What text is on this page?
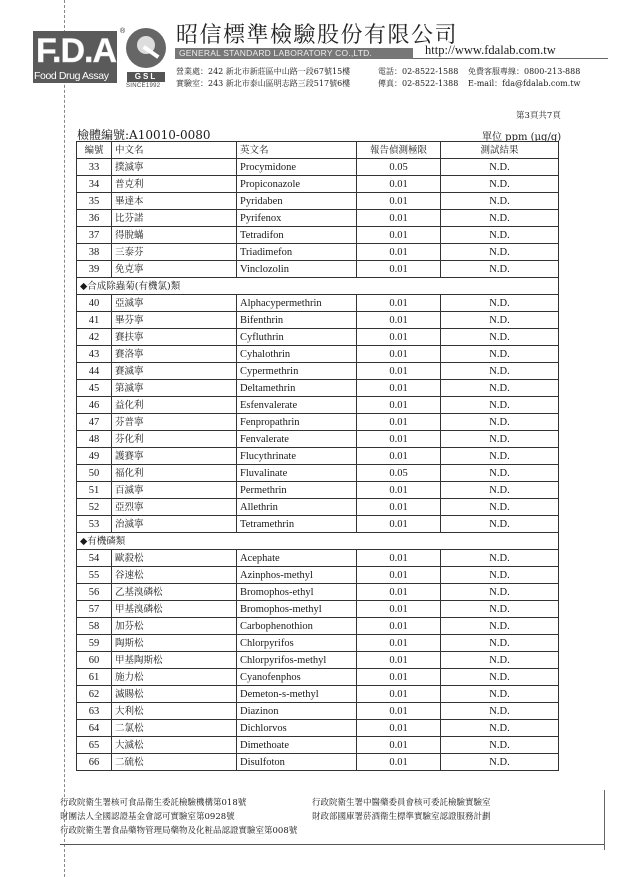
F.D.A
Food Drug Assay
®
GSL
SINCE1992
昭信標準檢驗股份有限公司
GENERAL STANDARD LABORATORY CO.,LTD.	http://www.fdalab.com.tw
營業處：242 新北市新莊區中山路一段67號15樓
實驗室：243 新北市泰山區明志路三段517號6樓
電話：02-8522-1588
傳真：02-8522-1388
免費客服專線：0800-213-888
E-mail：fda@fdalab.com.tw
第3頁共7頁
檢體編號:A10010-0080	單位 ppm (μg/g)
編號	中文名	英文名	報告偵測極限	測試結果
33	撲滅寧	Procymidone	0.05	N.D.
34	普克利	Propiconazole	0.01	N.D.
35	畢達本	Pyridaben	0.01	N.D.
36	比芬諾	Pyrifenox	0.01	N.D.
37	得脫蟎	Tetradifon	0.01	N.D.
38	三泰芬	Triadimefon	0.01	N.D.
39	免克寧	Vinclozolin	0.01	N.D.
◆合成除蟲菊(有機氯)類				
40	亞滅寧	Alphacypermethrin	0.01	N.D.
41	畢芬寧	Bifenthrin	0.01	N.D.
42	賽扶寧	Cyfluthrin	0.01	N.D.
43	賽洛寧	Cyhalothrin	0.01	N.D.
44	賽滅寧	Cypermethrin	0.01	N.D.
45	第滅寧	Deltamethrin	0.01	N.D.
46	益化利	Esfenvalerate	0.01	N.D.
47	芬普寧	Fenpropathrin	0.01	N.D.
48	芬化利	Fenvalerate	0.01	N.D.
49	護賽寧	Flucythrinate	0.01	N.D.
50	福化利	Fluvalinate	0.05	N.D.
51	百滅寧	Permethrin	0.01	N.D.
52	亞烈寧	Allethrin	0.01	N.D.
53	治滅寧	Tetramethrin	0.01	N.D.
◆有機磷類				
54	歐殺松	Acephate	0.01	N.D.
55	谷速松	Azinphos-methyl	0.01	N.D.
56	乙基溴磷松	Bromophos-ethyl	0.01	N.D.
57	甲基溴磷松	Bromophos-methyl	0.01	N.D.
58	加芬松	Carbophenothion	0.01	N.D.
59	陶斯松	Chlorpyrifos	0.01	N.D.
60	甲基陶斯松	Chlorpyrifos-methyl	0.01	N.D.
61	施力松	Cyanofenphos	0.01	N.D.
62	滅賜松	Demeton-s-methyl	0.01	N.D.
63	大利松	Diazinon	0.01	N.D.
64	二氯松	Dichlorvos	0.01	N.D.
65	大滅松	Dimethoate	0.01	N.D.
66	二硫松	Disulfoton	0.01	N.D.
行政院衛生署核可食品衛生委託檢驗機構第018號	行政院衛生署中醫藥委員會核可委託檢驗實驗室
財團法人全國認證基金會認可實驗室第0928號	財政部國庫署菸酒衛生標準實驗室認證服務計劃
行政院衛生署食品藥物管理局藥物及化粧品認證實驗室第008號
